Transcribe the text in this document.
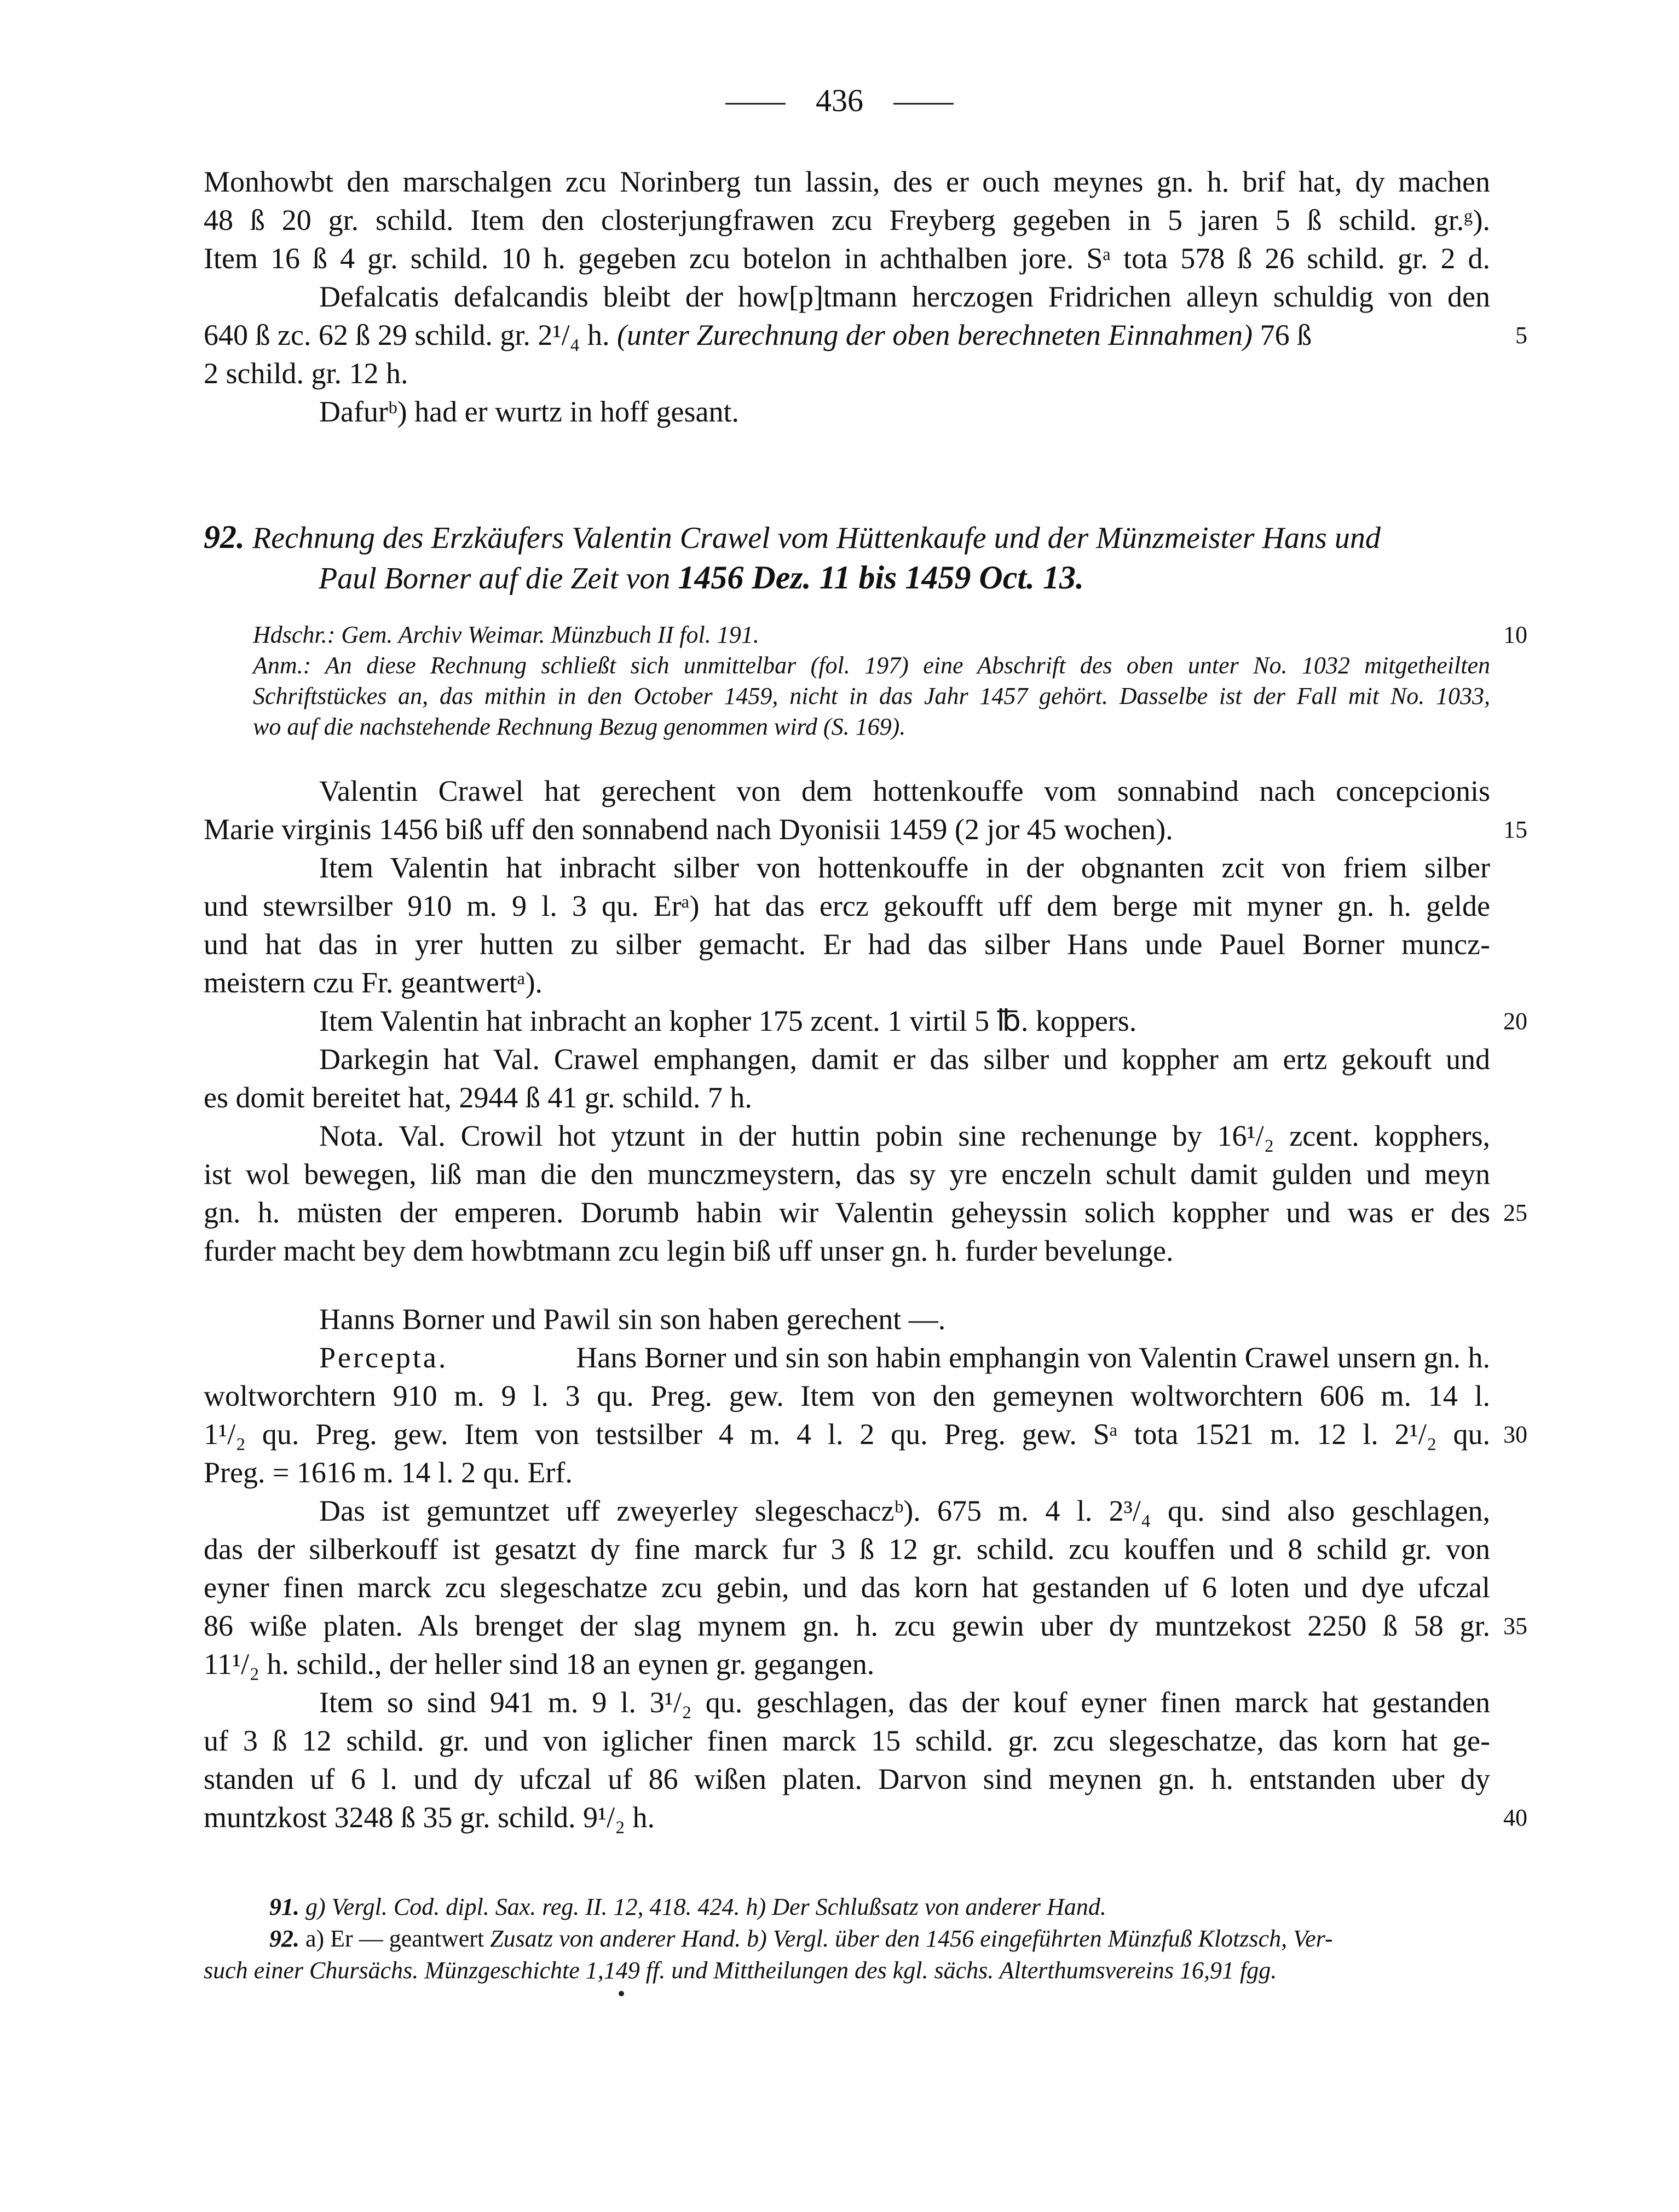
436
Monhowbt den marschalgen zcu Norinberg tun lassin, des er ouch meynes gn. h. brif hat, dy machen
48 ß 20 gr. schild. Item den closterjungfrawen zcu Freyberg gegeben in 5 jaren 5 ß schild. gr.ᵍ).
Item 16 ß 4 gr. schild. 10 h. gegeben zcu botelon in achthalben jore. Sᵃ tota 578 ß 26 schild. gr. 2 d.
Defalcatis defalcandis bleibt der how[p]tmann herczogen Fridrichen alleyn schuldig von den
640 ß zc. 62 ß 29 schild. gr. 2¹/₄ h. (unter Zurechnung der oben berechneten Einnahmen) 76 ß	5
2 schild. gr. 12 h.
Dafurᵇ) had er wurtz in hoff gesant.
92. Rechnung des Erzkäufers Valentin Crawel vom Hüttenkaufe und der Münzmeister Hans und
Paul Borner auf die Zeit von 1456 Dez. 11 bis 1459 Oct. 13.
Hdschr.: Gem. Archiv Weimar. Münzbuch II fol. 191.	10
Anm.: An diese Rechnung schließt sich unmittelbar (fol. 197) eine Abschrift des oben unter No. 1032 mitgetheilten
Schriftstückes an, das mithin in den October 1459, nicht in das Jahr 1457 gehört. Dasselbe ist der Fall mit No. 1033,
wo auf die nachstehende Rechnung Bezug genommen wird (S. 169).
Valentin Crawel hat gerechent von dem hottenkouffe vom sonnabind nach concepcionis
Marie virginis 1456 biß uff den sonnabend nach Dyonisii 1459 (2 jor 45 wochen).	15
Item Valentin hat inbracht silber von hottenkouffe in der obgnanten zcit von friem silber
und stewrsilber 910 m. 9 l. 3 qu. Erᵃ) hat das ercz gekoufft uff dem berge mit myner gn. h. gelde
und hat das in yrer hutten zu silber gemacht. Er had das silber Hans unde Pauel Borner muncz-
meistern czu Fr. geantwertᵃ).
Item Valentin hat inbracht an kopher 175 zcent. 1 virtil 5 ℔. koppers.	20
Darkegin hat Val. Crawel emphangen, damit er das silber und koppher am ertz gekouft und
es domit bereitet hat, 2944 ß 41 gr. schild. 7 h.
Nota. Val. Crowil hot ytzunt in der huttin pobin sine rechenunge by 16¹/₂ zcent. kopphers,
ist wol bewegen, liß man die den munczmeystern, das sy yre enczeln schult damit gulden und meyn
gn. h. müsten der emperen. Dorumb habin wir Valentin geheyssin solich koppher und was er des 25
furder macht bey dem howbtmann zcu legin biß uff unser gn. h. furder bevelunge.
Hanns Borner und Pawil sin son haben gerechent —.
Percepta.	Hans Borner und sin son habin emphangin von Valentin Crawel unsern gn. h.
woltworchtern 910 m. 9 l. 3 qu. Preg. gew. Item von den gemeynen woltworchtern 606 m. 14 l.
1¹/₂ qu. Preg. gew. Item von testsilber 4 m. 4 l. 2 qu. Preg. gew. Sᵃ tota 1521 m. 12 l. 2¹/₂ qu. 30
Preg. = 1616 m. 14 l. 2 qu. Erf.
Das ist gemuntzet uff zweyerley slegeschaczᵇ). 675 m. 4 l. 2³/₄ qu. sind also geschlagen,
das der silberkouff ist gesatzt dy fine marck fur 3 ß 12 gr. schild. zcu kouffen und 8 schild gr. von
eyner finen marck zcu slegeschatze zcu gebin, und das korn hat gestanden uf 6 loten und dye ufczal
86 wiße platen. Als brenget der slag mynem gn. h. zcu gewin uber dy muntzekost 2250 ß 58 gr. 35
11¹/₂ h. schild., der heller sind 18 an eynen gr. gegangen.
Item so sind 941 m. 9 l. 3¹/₂ qu. geschlagen, das der kouf eyner finen marck hat gestanden
uf 3 ß 12 schild. gr. und von iglicher finen marck 15 schild. gr. zcu slegeschatze, das korn hat ge-
standen uf 6 l. und dy ufczal uf 86 wißen platen. Darvon sind meynen gn. h. entstanden uber dy
muntzkost 3248 ß 35 gr. schild. 9¹/₂ h.	40
91. g) Vergl. Cod. dipl. Sax. reg. II. 12, 418. 424. h) Der Schlußsatz von anderer Hand.
92. a) Er — geantwert Zusatz von anderer Hand. b) Vergl. über den 1456 eingeführten Münzfuß Klotzsch, Ver-
such einer Chursächs. Münzgeschichte 1,149 ff. und Mittheilungen des kgl. sächs. Alterthumsvereins 16,91 fgg.
